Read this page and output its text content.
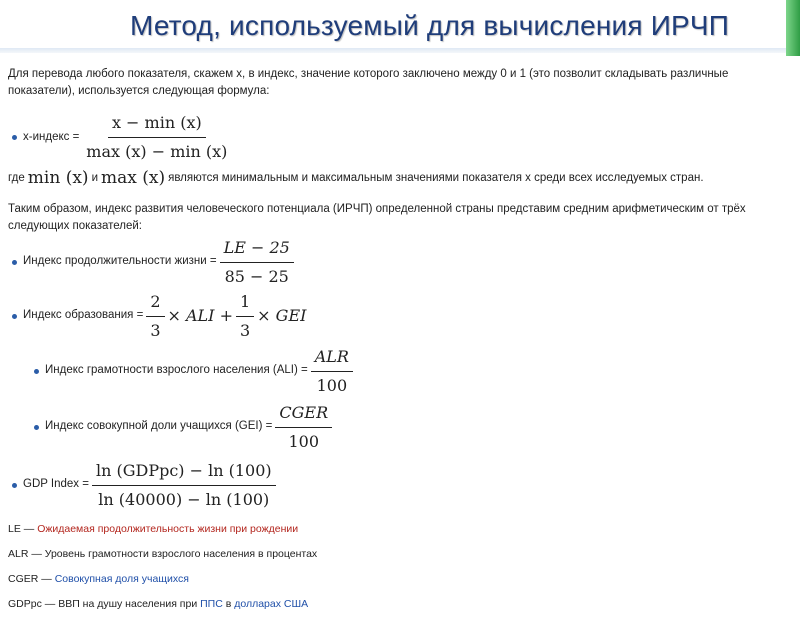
Метод, используемый для вычисления ИРЧП

Для перевода любого показателя, скажем x, в индекс, значение которого заключено между 0 и 1 (это позволит складывать различные показатели), используется следующая формула:

x-индекс = $\frac{x - \min (x)}{\max (x) - \min (x)}$
где min (x) и max (x) являются минимальным и максимальным значениями показателя x среди всех исследуемых стран.

Таким образом, индекс развития человеческого потенциала (ИРЧП) определенной страны представим средним арифметическим от трёх следующих показателей:

Индекс продолжительности жизни = $\frac{LE - 25}{85 - 25}$
Индекс образования = $\frac{2}{3}$ × ALI + $\frac{1}{3}$ × GEI
Индекс грамотности взрослого населения $(ALI) = \frac{\text{ALR}}{100}$
Индекс совокупной доли учащихся $(GEI) = \frac{\text{CGER}}{100}$
GDP Index = $\frac{\text{ln (GDPpc) − ln (100)}}{\ln (40000) - \ln (100)}$

LE — Ожидаемая продолжительность жизни при рождении

ALR — Уровень грамотности взрослого населения в процентах

CGER — Совокупная доля учащихся

GDPpc — ВВП на душу населения при ППС в долларах США
